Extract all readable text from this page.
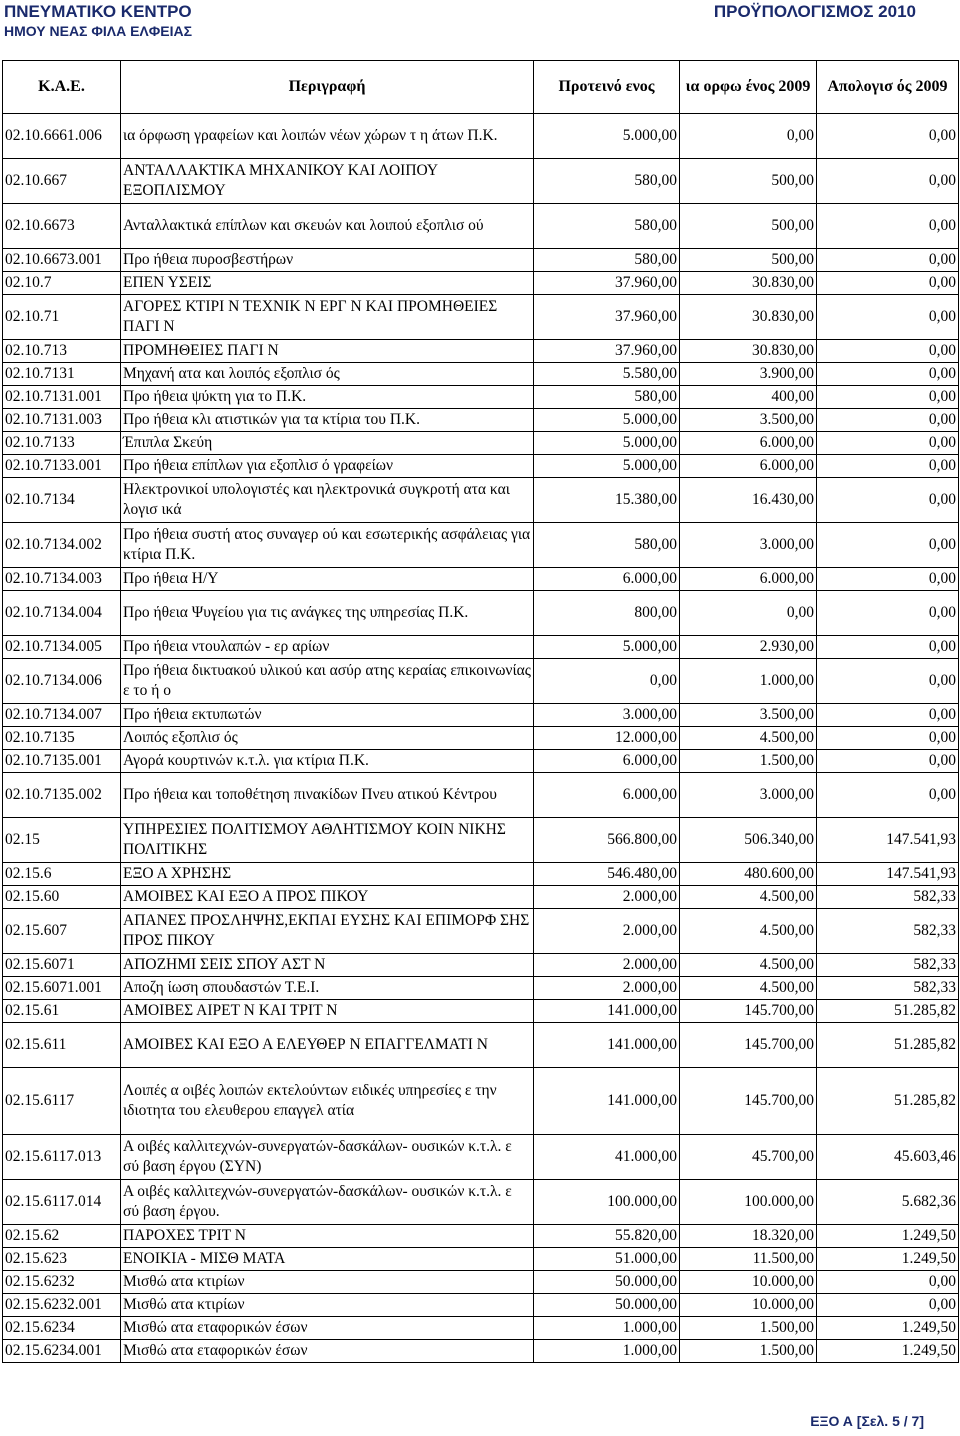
ΠΝΕΥΜΑΤΙΚΟ ΚΕΝΤΡΟ
ΗΜΟΥ ΝΕΑΣ ΦΙΛΑ ΕΛΦΕΙΑΣ
ΠΡΟΫΠΟΛΟΓΙΣΜΟΣ 2010
Κ.Α.Ε.	Περιγραφή	Προτεινό ενος	ια ορφω ένος 2009	Απολογισ ός 2009
02.10.6661.006	ια όρφωση γραφείων και λοιπών νέων χώρων τ η άτων Π.Κ.	5.000,00	0,00	0,00
02.10.667	ΑΝΤΑΛΛΑΚΤΙΚΑ ΜΗΧΑΝΙΚΟΥ ΚΑΙ ΛΟΙΠΟΥ ΕΞΟΠΛΙΣΜΟΥ	580,00	500,00	0,00
02.10.6673	Ανταλλακτικά επίπλων και σκευών και λοιπού εξοπλισ ού	580,00	500,00	0,00
02.10.6673.001	Προ ήθεια πυροσβεστήρων	580,00	500,00	0,00
02.10.7	ΕΠΕΝ ΥΣΕΙΣ	37.960,00	30.830,00	0,00
02.10.71	ΑΓΟΡΕΣ ΚΤΙΡΙ Ν ΤΕΧΝΙΚ Ν ΕΡΓ Ν ΚΑΙ ΠΡΟΜΗΘΕΙΕΣ ΠΑΓΙ Ν	37.960,00	30.830,00	0,00
02.10.713	ΠΡΟΜΗΘΕΙΕΣ ΠΑΓΙ Ν	37.960,00	30.830,00	0,00
02.10.7131	Μηχανή ατα και λοιπός εξοπλισ ός	5.580,00	3.900,00	0,00
02.10.7131.001	Προ ήθεια ψύκτη για το Π.Κ.	580,00	400,00	0,00
02.10.7131.003	Προ ήθεια κλι ατιστικών για τα κτίρια του Π.Κ.	5.000,00	3.500,00	0,00
02.10.7133	Έπιπλα Σκεύη	5.000,00	6.000,00	0,00
02.10.7133.001	Προ ήθεια επίπλων για εξοπλισ ό γραφείων	5.000,00	6.000,00	0,00
02.10.7134	Ηλεκτρονικοί υπολογιστές και ηλεκτρονικά συγκροτή ατα και λογισ ικά	15.380,00	16.430,00	0,00
02.10.7134.002	Προ ήθεια συστή ατος συναγερ ού και εσωτερικής ασφάλειας για κτίρια Π.Κ.	580,00	3.000,00	0,00
02.10.7134.003	Προ ήθεια Η/Υ	6.000,00	6.000,00	0,00
02.10.7134.004	Προ ήθεια Ψυγείου για τις ανάγκες της υπηρεσίας Π.Κ.	800,00	0,00	0,00
02.10.7134.005	Προ ήθεια ντουλαπών - ερ αρίων	5.000,00	2.930,00	0,00
02.10.7134.006	Προ ήθεια δικτυακού υλικού και ασύρ ατης κεραίας επικοινωνίας ε το ή ο	0,00	1.000,00	0,00
02.10.7134.007	Προ ήθεια εκτυπωτών	3.000,00	3.500,00	0,00
02.10.7135	Λοιπός εξοπλισ ός	12.000,00	4.500,00	0,00
02.10.7135.001	Αγορά κουρτινών κ.τ.λ. για κτίρια Π.Κ.	6.000,00	1.500,00	0,00
02.10.7135.002	Προ ήθεια και τοποθέτηση πινακίδων Πνευ ατικού Κέντρου	6.000,00	3.000,00	0,00
02.15	ΥΠΗΡΕΣΙΕΣ ΠΟΛΙΤΙΣΜΟΥ ΑΘΛΗΤΙΣΜΟΥ ΚΟΙΝ ΝΙΚΗΣ ΠΟΛΙΤΙΚΗΣ	566.800,00	506.340,00	147.541,93
02.15.6	ΕΞΟ Α ΧΡΗΣΗΣ	546.480,00	480.600,00	147.541,93
02.15.60	ΑΜΟΙΒΕΣ ΚΑΙ ΕΞΟ Α ΠΡΟΣ ΠΙΚΟΥ	2.000,00	4.500,00	582,33
02.15.607	ΑΠΑΝΕΣ ΠΡΟΣΛΗΨΗΣ,ΕΚΠΑΙ ΕΥΣΗΣ ΚΑΙ ΕΠΙΜΟΡΦ ΣΗΣ ΠΡΟΣ ΠΙΚΟΥ	2.000,00	4.500,00	582,33
02.15.6071	ΑΠΟΖΗΜΙ ΣΕΙΣ ΣΠΟΥ ΑΣΤ Ν	2.000,00	4.500,00	582,33
02.15.6071.001	Αποζη ίωση σπουδαστών Τ.Ε.Ι.	2.000,00	4.500,00	582,33
02.15.61	ΑΜΟΙΒΕΣ ΑΙΡΕΤ Ν ΚΑΙ ΤΡΙΤ Ν	141.000,00	145.700,00	51.285,82
02.15.611	ΑΜΟΙΒΕΣ ΚΑΙ ΕΞΟ Α ΕΛΕΥΘΕΡ Ν ΕΠΑΓΓΕΛΜΑΤΙ Ν	141.000,00	145.700,00	51.285,82
02.15.6117	Λοιπές α οιβές λοιπών εκτελούντων ειδικές υπηρεσίες ε την ιδιοτητα του ελευθερου επαγγελ ατία	141.000,00	145.700,00	51.285,82
02.15.6117.013	Α οιβές καλλιτεχνών-συνεργατών-δασκάλων- ουσικών κ.τ.λ. ε σύ βαση έργου (ΣΥΝ)	41.000,00	45.700,00	45.603,46
02.15.6117.014	Α οιβές καλλιτεχνών-συνεργατών-δασκάλων- ουσικών κ.τ.λ. ε σύ βαση έργου.	100.000,00	100.000,00	5.682,36
02.15.62	ΠΑΡΟΧΕΣ ΤΡΙΤ Ν	55.820,00	18.320,00	1.249,50
02.15.623	ΕΝΟΙΚΙΑ - ΜΙΣΘ ΜΑΤΑ	51.000,00	11.500,00	1.249,50
02.15.6232	Μισθώ ατα κτιρίων	50.000,00	10.000,00	0,00
02.15.6232.001	Μισθώ ατα κτιρίων	50.000,00	10.000,00	0,00
02.15.6234	Μισθώ ατα εταφορικών έσων	1.000,00	1.500,00	1.249,50
02.15.6234.001	Μισθώ ατα εταφορικών έσων	1.000,00	1.500,00	1.249,50
ΕΞΟ Α [Σελ. 5 / 7]
